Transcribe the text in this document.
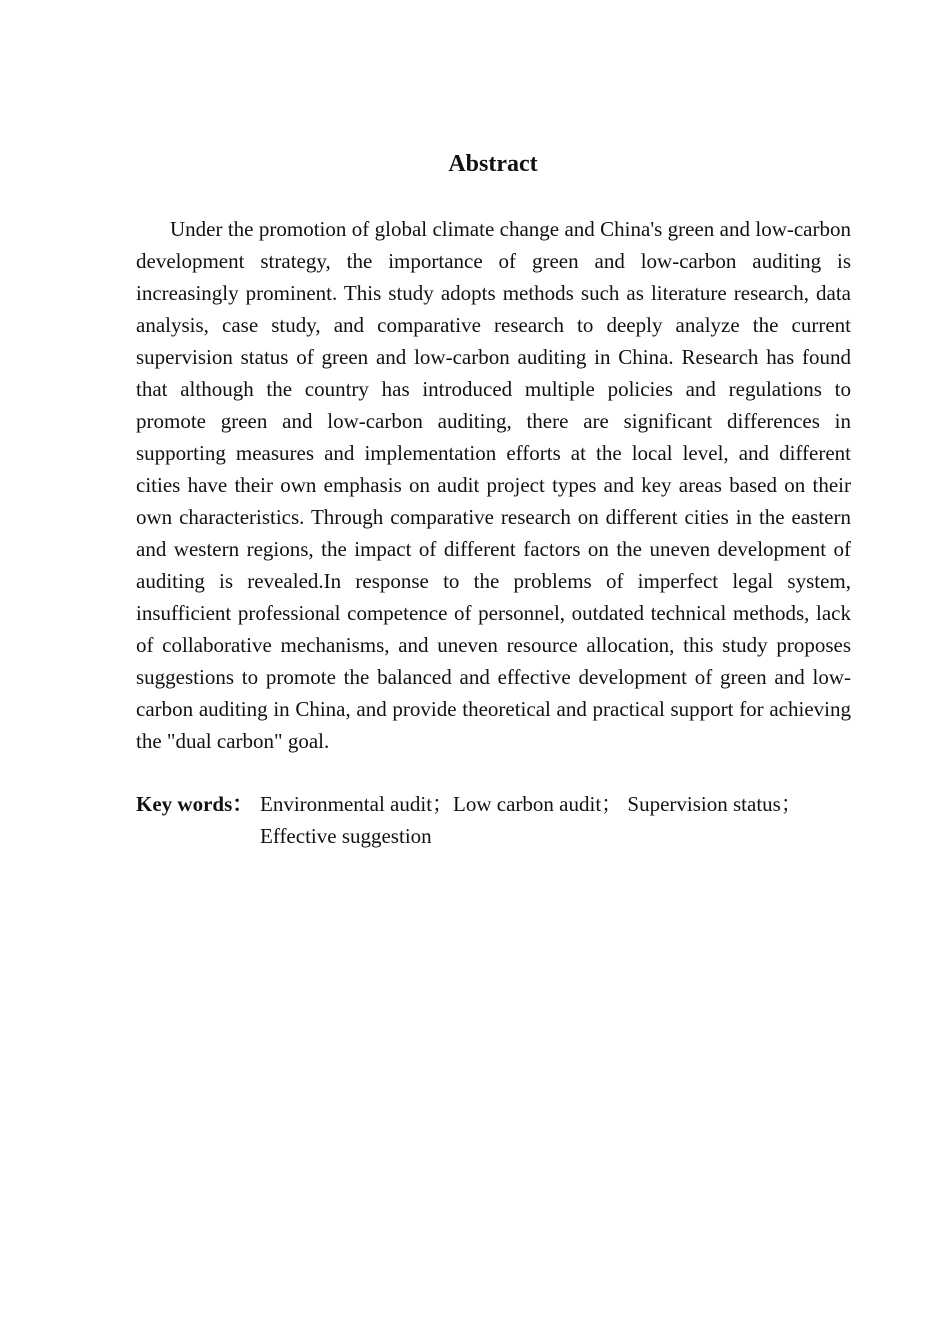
Abstract

Under the promotion of global climate change and China's green and low-carbon development strategy, the importance of green and low-carbon auditing is increasingly prominent. This study adopts methods such as literature research, data analysis, case study, and comparative research to deeply analyze the current supervision status of green and low-carbon auditing in China. Research has found that although the country has introduced multiple policies and regulations to promote green and low-carbon auditing, there are significant differences in supporting measures and implementation efforts at the local level, and different cities have their own emphasis on audit project types and key areas based on their own characteristics. Through comparative research on different cities in the eastern and western regions, the impact of different factors on the uneven development of auditing is revealed.In response to the problems of imperfect legal system, insufficient professional competence of personnel, outdated technical methods, lack of collaborative mechanisms, and uneven resource allocation, this study proposes suggestions to promote the balanced and effective development of green and low-carbon auditing in China, and provide theoretical and practical support for achieving the "dual carbon" goal.

Key words： Environmental audit；Low carbon audit； Supervision status； Effective suggestion
